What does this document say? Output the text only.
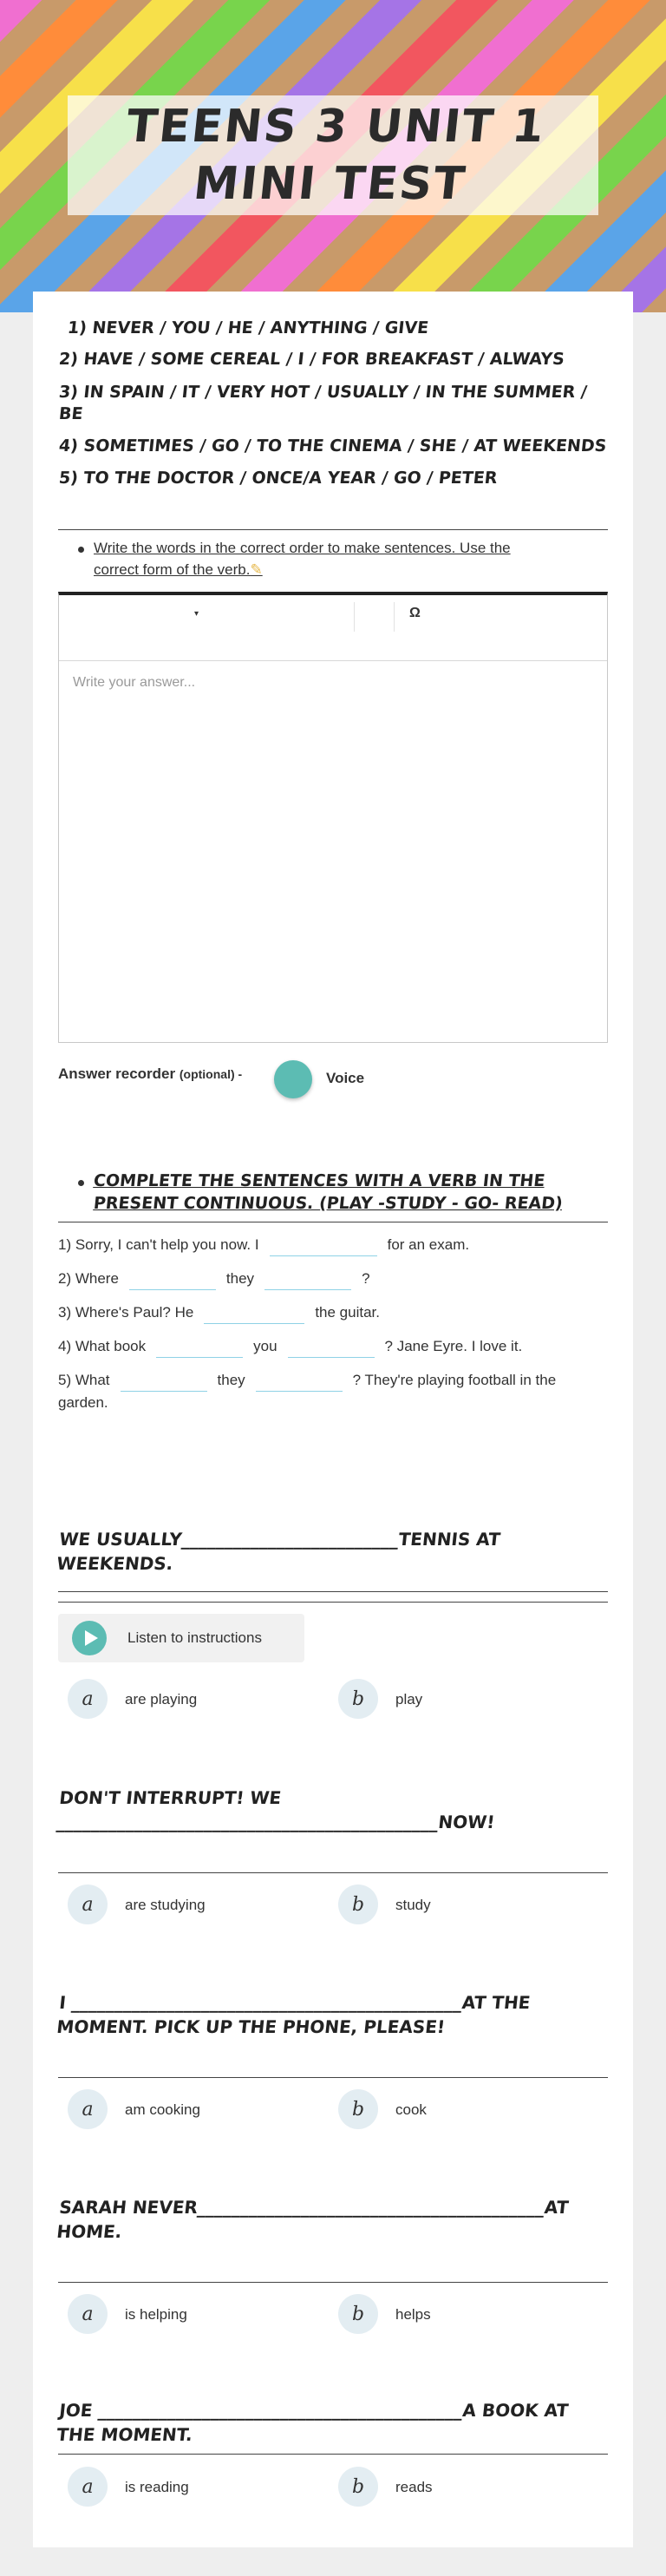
TEENS 3 UNIT 1 MINI TEST
1) NEVER / YOU / HE / ANYTHING / GIVE
2) HAVE / SOME CEREAL / I / FOR BREAKFAST / ALWAYS
3) IN SPAIN / IT / VERY HOT / USUALLY / IN THE SUMMER /
BE
4) SOMETIMES / GO / TO THE CINEMA / SHE / AT WEEKENDS
5) TO THE DOCTOR / ONCE/A YEAR / GO / PETER
Write the words in the correct order to make sentences. Use the
correct form of the verb.✎
▾	Ω
Write your answer...
Answer recorder (optional) -	Voice
COMPLETE THE SENTENCES WITH A VERB IN THE
PRESENT CONTINUOUS. (PLAY -STUDY - GO- READ)
1) Sorry, I can't help you now. I	for an exam.
2) Where	they	?
3) Where's Paul? He	the guitar.
4) What book	you	? Jane Eyre. I love it.
5) What	they	? They're playing football in the
garden.
WE USUALLY_________________________TENNIS AT WEEKENDS.
Listen to instructions
a	are playing	b	play
DON'T INTERRUPT! WE
____________________________________________NOW!
a	are studying	b	study
I _____________________________________________AT THE
MOMENT. PICK UP THE PHONE, PLEASE!
a	am cooking	b	cook
SARAH NEVER________________________________________AT
HOME.
a	is helping	b	helps
JOE __________________________________________A BOOK AT
THE MOMENT.
a	is reading	b	reads
